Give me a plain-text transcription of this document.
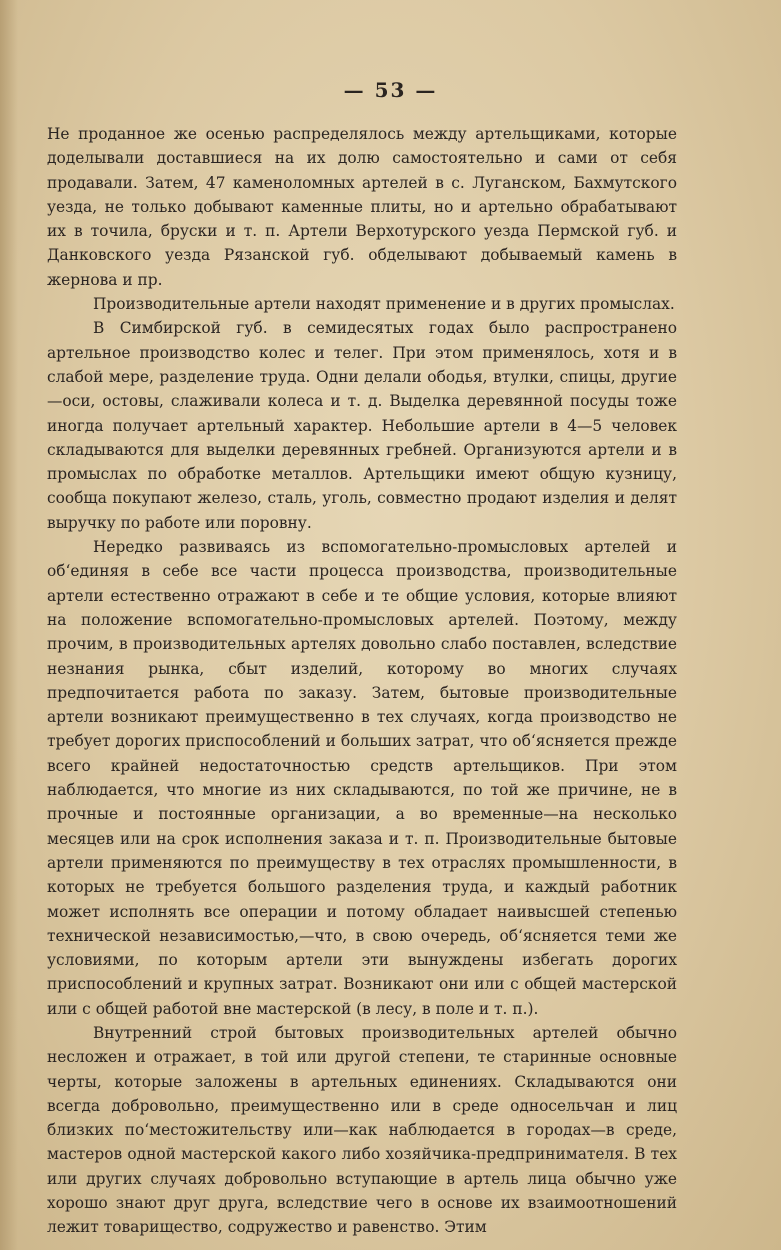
— 53 —

Не проданное же осенью распределялось между артельщиками, которые доделывали доставшиеся на их долю самостоятельно и сами от себя продавали. Затем, 47 каменоломных артелей в с. Луганском, Бахмутского уезда, не только добывают каменные плиты, но и артельно обрабатывают их в точила, бруски и т. п. Артели Верхотурского уезда Пермской губ. и Данковского уезда Рязанской губ. обделывают добываемый камень в жернова и пр.

Производительные артели находят применение и в других промыслах.

В Симбирской губ. в семидесятых годах было распространено артельное производство колес и телег. При этом применялось, хотя и в слабой мере, разделение труда. Одни делали ободья, втулки, спицы, другие—оси, остовы, слаживали колеса и т. д. Выделка деревянной посуды тоже иногда получает артельный характер. Небольшие артели в 4—5 человек складываются для выделки деревянных гребней. Организуются артели и в промыслах по обработке металлов. Артельщики имеют общую кузницу, сообща покупают железо, сталь, уголь, совместно продают изделия и делят выручку по работе или поровну.

Нередко развиваясь из вспомогательно-промысловых артелей и об‘единяя в себе все части процесса производства, производительные артели естественно отражают в себе и те общие условия, которые влияют на положение вспомогательно-промысловых артелей. Поэтому, между прочим, в производительных артелях довольно слабо поставлен, вследствие незнания рынка, сбыт изделий, которому во многих случаях предпочитается работа по заказу. Затем, бытовые производительные артели возникают преимущественно в тех случаях, когда производство не требует дорогих приспособлений и больших затрат, что об‘ясняется прежде всего крайней недостаточностью средств артельщиков. При этом наблюдается, что многие из них складываются, по той же причине, не в прочные и постоянные организации, а во временные—на несколько месяцев или на срок исполнения заказа и т. п. Производительные бытовые артели применяются по преимуществу в тех отраслях промышленности, в которых не требуется большого разделения труда, и каждый работник может исполнять все операции и потому обладает наивысшей степенью технической независимостью,—что, в свою очередь, об‘ясняется теми же условиями, по которым артели эти вынуждены избегать дорогих приспособлений и крупных затрат. Возникают они или с общей мастерской или с общей работой вне мастерской (в лесу, в поле и т. п.).

Внутренний строй бытовых производительных артелей обычно несложен и отражает, в той или другой степени, те старинные основные черты, которые заложены в артельных единениях. Складываются они всегда добровольно, преимущественно или в среде односельчан и лиц близких по‘местожительству или—как наблюдается в городах—в среде, мастеров одной мастерской какого либо хозяйчика-предпринимателя. В тех или других случаях добровольно вступающие в артель лица обычно уже хорошо знают друг друга, вследствие чего в основе их взаимоотношений лежит товарищество, содружество и равенство. Этим
